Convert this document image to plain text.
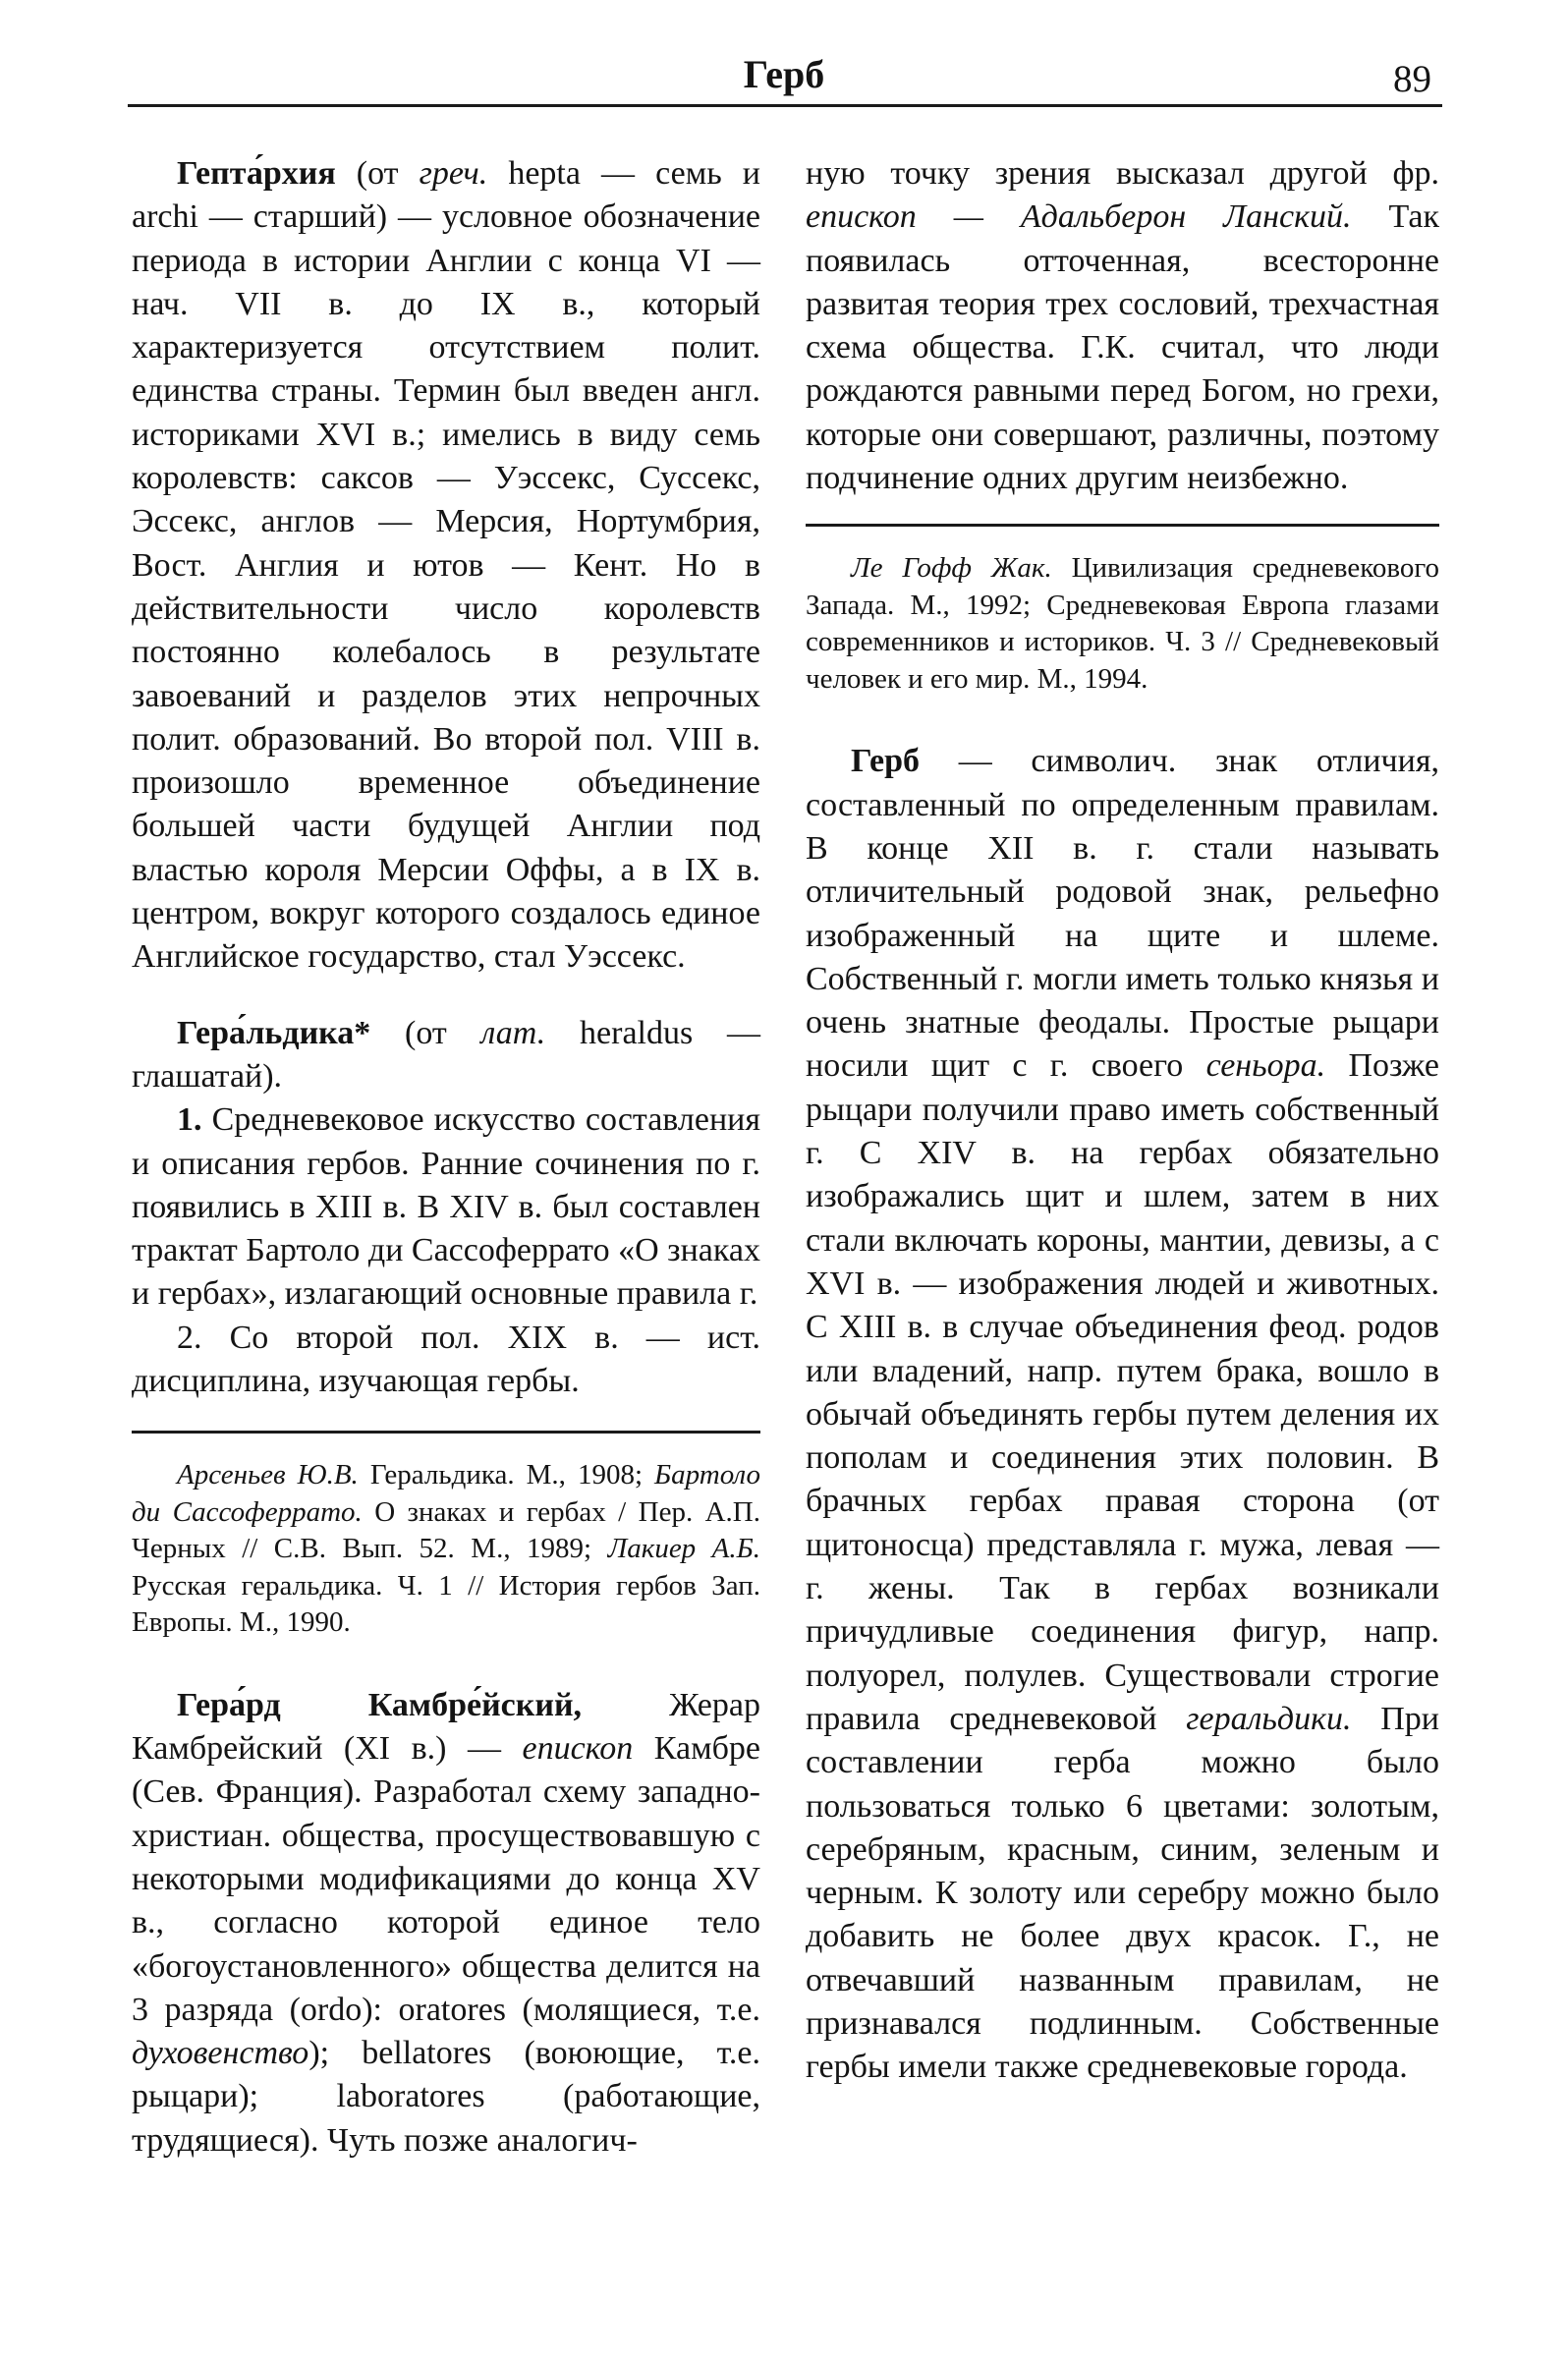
Герб	89
Гепта́рхия (от греч. hepta — семь и archi — старший) — условное обозначение периода в истории Англии с конца VI — нач. VII в. до IX в., который характеризуется отсутствием полит. единства страны. Термин был введен англ. историками XVI в.; имелись в виду семь королевств: саксов — Уэссекс, Суссекс, Эссекс, англов — Мерсия, Нортумбрия, Вост. Англия и ютов — Кент. Но в действительности число королевств постоянно колебалось в результате завоеваний и разделов этих непрочных полит. образований. Во второй пол. VIII в. произошло временное объединение большей части будущей Англии под властью короля Мерсии Оффы, а в IX в. центром, вокруг которого создалось единое Английское государство, стал Уэссекс.
Гера́льдика* (от лат. heraldus — глашатай).
1. Средневековое искусство составления и описания гербов. Ранние сочинения по г. появились в XIII в. В XIV в. был составлен трактат Бартоло ди Сассоферрато «О знаках и гербах», излагающий основные правила г.
2. Со второй пол. XIX в. — ист. дисциплина, изучающая гербы.
Арсеньев Ю.В. Геральдика. М., 1908; Бартоло ди Сассоферрато. О знаках и гербах / Пер. А.П. Черных // С.В. Вып. 52. М., 1989; Лакиер А.Б. Русская геральдика. Ч. 1 // История гербов Зап. Европы. М., 1990.
Гера́рд Камбре́йский, Жерар Камбрейский (XI в.) — епископ Камбре (Сев. Франция). Разработал схему западно-христиан. общества, просуществовавшую с некоторыми модификациями до конца XV в., согласно которой единое тело «богоустановленного» общества делится на 3 разряда (ordo): oratores (молящиеся, т.е. духовенство); bellatores (воюющие, т.е. рыцари); laboratores (работающие, трудящиеся). Чуть позже аналогич-
ную точку зрения высказал другой фр. епископ — Адальберон Ланский. Так появилась отточенная, всесторонне развитая теория трех сословий, трехчастная схема общества. Г.К. считал, что люди рождаются равными перед Богом, но грехи, которые они совершают, различны, поэтому подчинение одних другим неизбежно.
Ле Гофф Жак. Цивилизация средневекового Запада. М., 1992; Средневековая Европа глазами современников и историков. Ч. 3 // Средневековый человек и его мир. М., 1994.
Герб — символич. знак отличия, составленный по определенным правилам. В конце XII в. г. стали называть отличительный родовой знак, рельефно изображенный на щите и шлеме. Собственный г. могли иметь только князья и очень знатные феодалы. Простые рыцари носили щит с г. своего сеньора. Позже рыцари получили право иметь собственный г. С XIV в. на гербах обязательно изображались щит и шлем, затем в них стали включать короны, мантии, девизы, а с XVI в. — изображения людей и животных. С XIII в. в случае объединения феод. родов или владений, напр. путем брака, вошло в обычай объединять гербы путем деления их пополам и соединения этих половин. В брачных гербах правая сторона (от щитоносца) представляла г. мужа, левая — г. жены. Так в гербах возникали причудливые соединения фигур, напр. полуорел, полулев. Существовали строгие правила средневековой геральдики. При составлении герба можно было пользоваться только 6 цветами: золотым, серебряным, красным, синим, зеленым и черным. К золоту или серебру можно было добавить не более двух красок. Г., не отвечавший названным правилам, не признавался подлинным. Собственные гербы имели также средневековые города.
